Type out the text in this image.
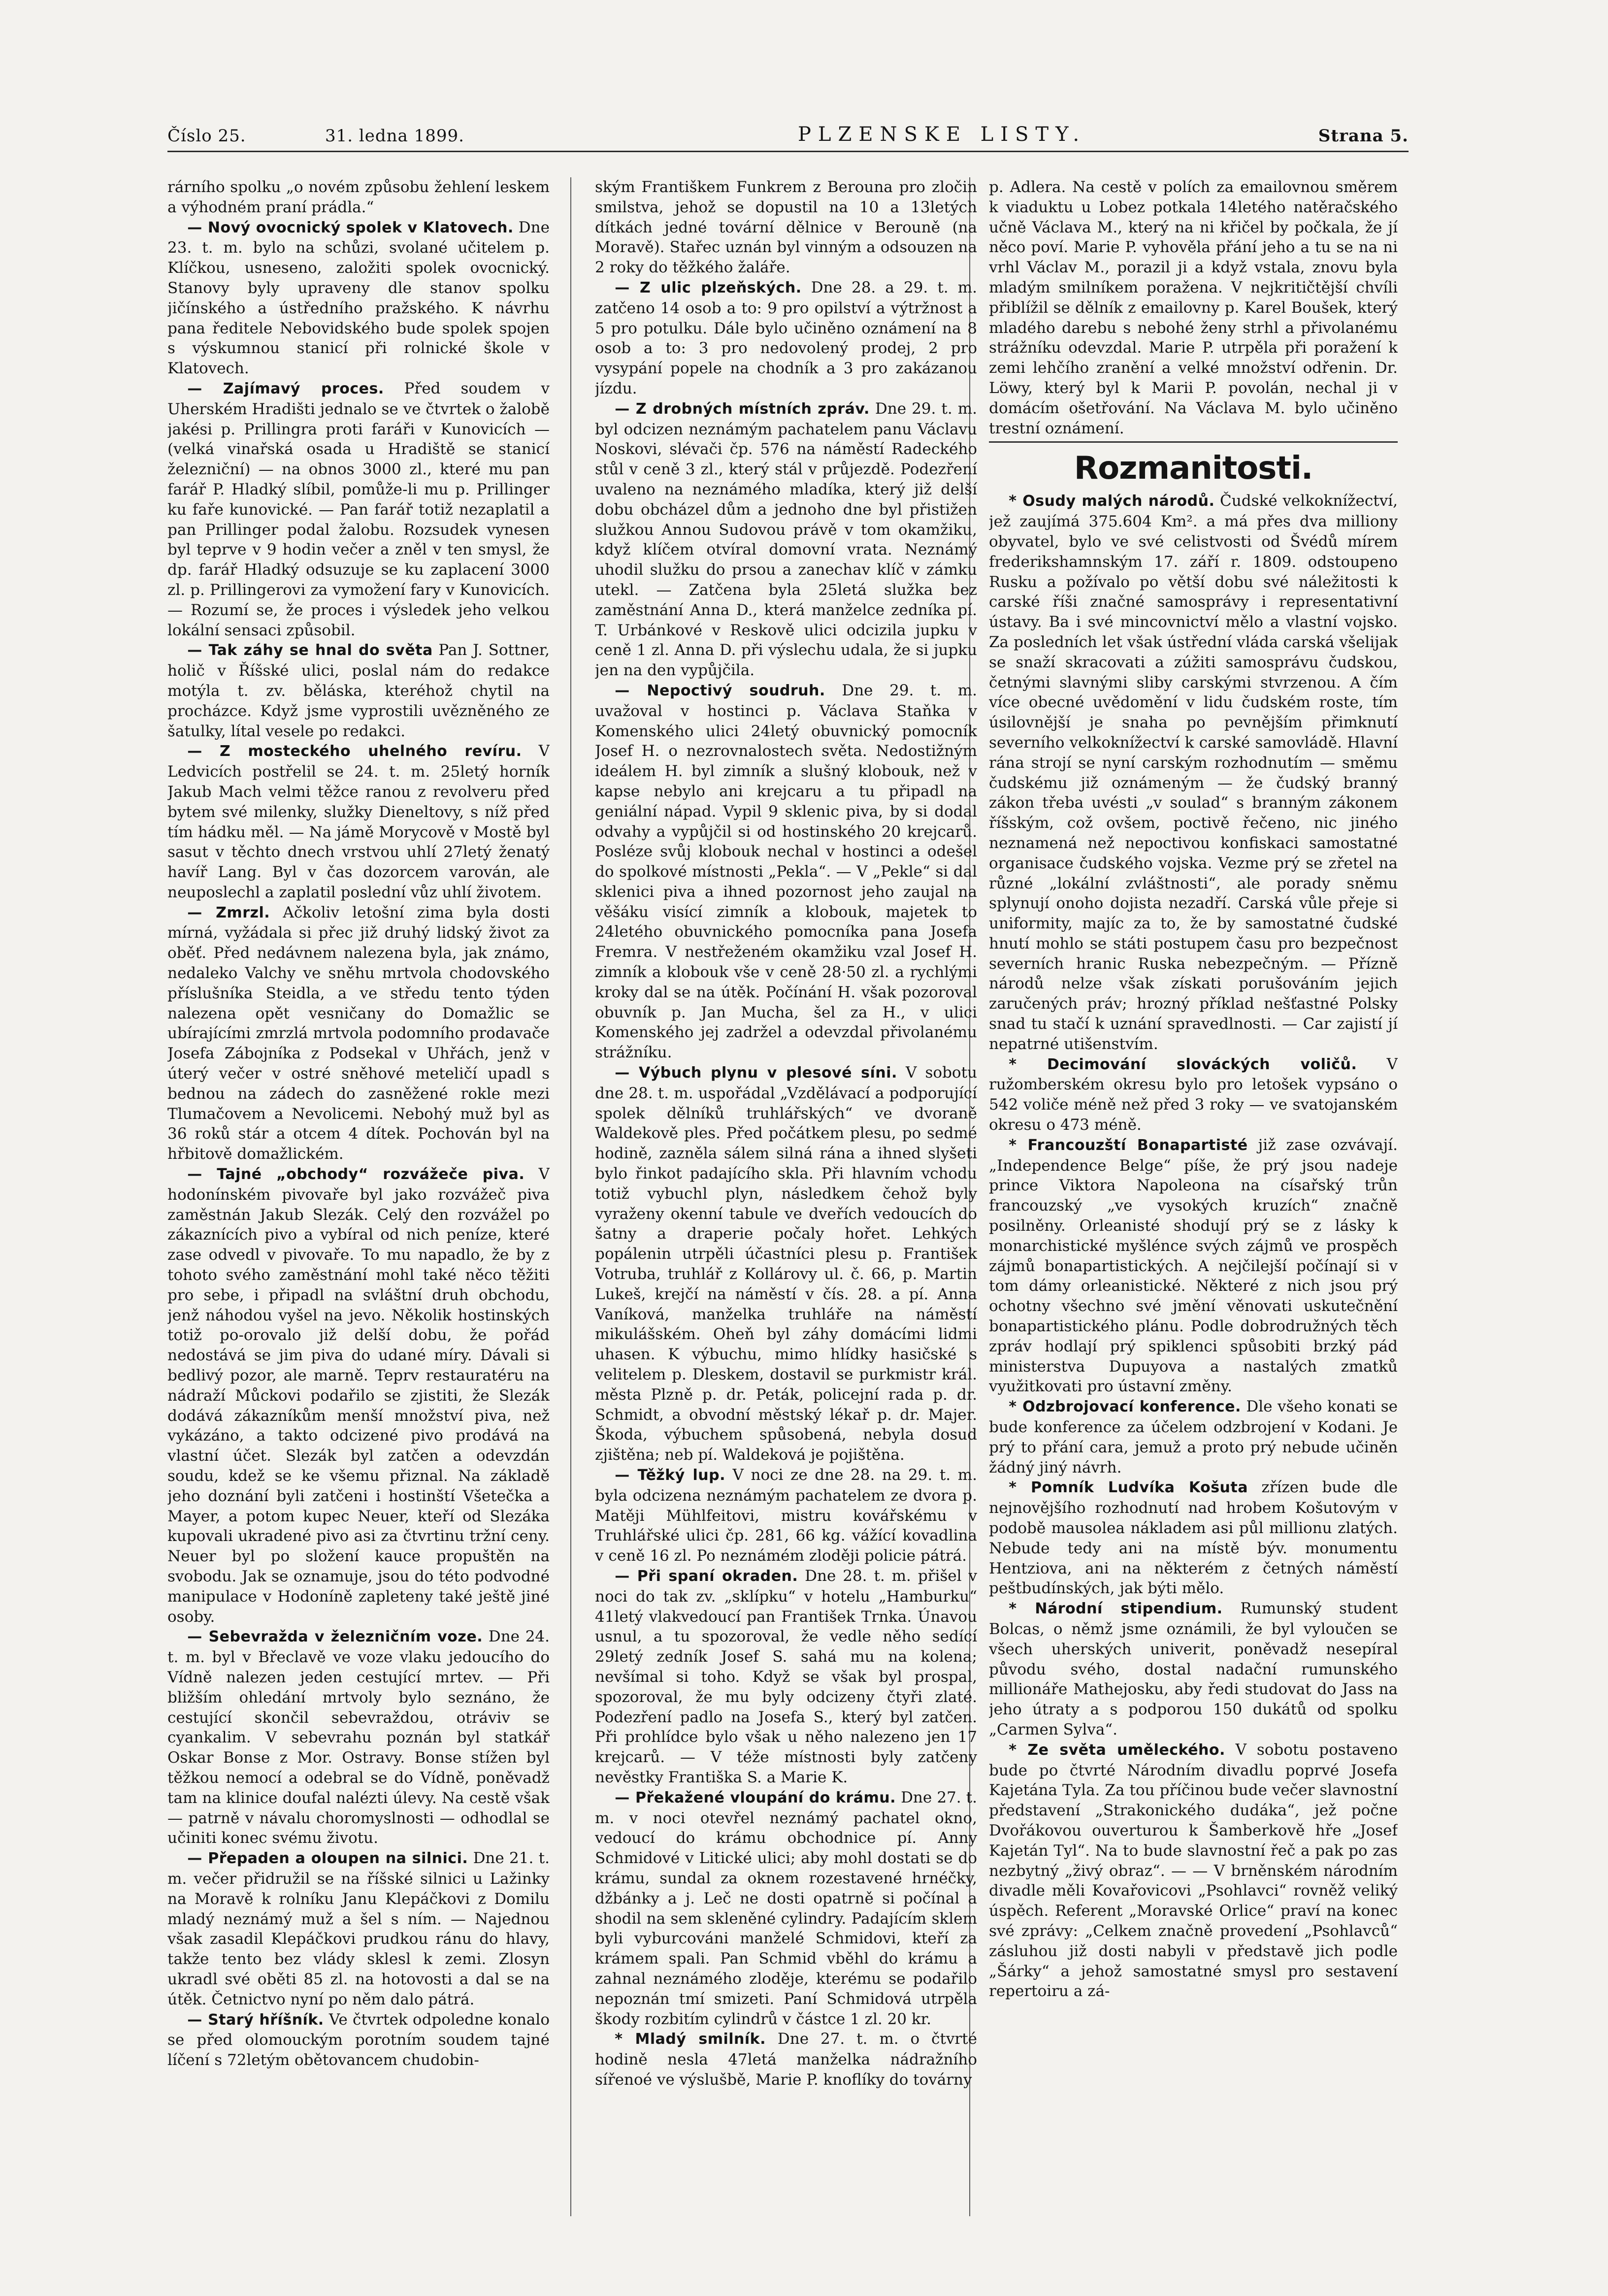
Číslo 25.	31. ledna 1899.	PLZENSKE LISTY.	Strana 5.

rárního spolku „o novém způsobu žehlení leskem a výhodném praní prádla.“

— Nový ovocnický spolek v Klatovech. Dne 23. t. m. bylo na schůzi, svolané učitelem p. Klíčkou, usneseno, založiti spolek ovocnický. Stanovy byly upraveny dle stanov spolku jičínského a ústředního pražského. K návrhu pana ředitele Nebovidského bude spolek spojen s výskumnou stanicí při rolnické škole v Klatovech.

— Zajímavý proces. Před soudem v Uherském Hradišti jednalo se ve čtvrtek o žalobě jakési p. Prillingra proti faráři v Kunovicích — (velká vinařská osada u Hradiště se stanicí železniční) — na obnos 3000 zl., které mu pan farář P. Hladký slíbil, pomůže-li mu p. Prillinger ku faře kunovické. — Pan farář totiž nezaplatil a pan Prillinger podal žalobu. Rozsudek vynesen byl teprve v 9 hodin večer a zněl v ten smysl, že dp. farář Hladký odsuzuje se ku zaplacení 3000 zl. p. Prillingerovi za vymožení fary v Kunovicích. — Rozumí se, že proces i výsledek jeho velkou lokální sensaci způsobil.

— Tak záhy se hnal do světa Pan J. Sottner, holič v Říšské ulici, poslal nám do redakce motýla t. zv. běláska, kteréhož chytil na procházce. Když jsme vyprostili uvězněného ze šatulky, lítal vesele po redakci.

— Z mosteckého uhelného revíru. V Ledvicích postřelil se 24. t. m. 25letý horník Jakub Mach velmi těžce ranou z revolveru před bytem své milenky, služky Dieneltovy, s níž před tím hádku měl. — Na jámě Morycově v Mostě byl sasut v těchto dnech vrstvou uhlí 27letý ženatý havíř Lang. Byl v čas dozorcem varován, ale neuposlechl a zaplatil poslední vůz uhlí životem.

— Zmrzl. Ačkoliv letošní zima byla dosti mírná, vyžádala si přec již druhý lidský život za oběť. Před nedávnem nalezena byla, jak známo, nedaleko Valchy ve sněhu mrtvola chodovského příslušníka Steidla, a ve středu tento týden nalezena opět vesničany do Domažlic se ubírajícími zmrzlá mrtvola podomního prodavače Josefa Zábojníka z Podsekal v Uhřách, jenž v úterý večer v ostré sněhové meteličí upadl s bednou na zádech do zasněžené rokle mezi Tlumačovem a Nevolicemi. Nebohý muž byl as 36 roků stár a otcem 4 dítek. Pochován byl na hřbitově domažlickém.

— Tajné „obchody“ rozvážeče piva. V hodonínském pivovaře byl jako rozvážeč piva zaměstnán Jakub Slezák. Celý den rozvážel po zákaznících pivo a vybíral od nich peníze, které zase odvedl v pivovaře. To mu napadlo, že by z tohoto svého zaměstnání mohl také něco těžiti pro sebe, i připadl na svláštní druh obchodu, jenž náhodou vyšel na jevo. Několik hostinských totiž po-orovalo již delší dobu, že pořád nedostává se jim piva do udané míry. Dávali si bedlivý pozor, ale marně. Teprv restauratéru na nádraží Můckovi podařilo se zjistiti, že Slezák dodává zákazníkům menší množství piva, než vykázáno, a takto odcizené pivo prodává na vlastní účet. Slezák byl zatčen a odevzdán soudu, kdež se ke všemu přiznal. Na základě jeho doznání byli zatčeni i hostinští Všetečka a Mayer, a potom kupec Neuer, kteří od Slezáka kupovali ukradené pivo asi za čtvrtinu tržní ceny. Neuer byl po složení kauce propuštěn na svobodu. Jak se oznamuje, jsou do této podvodné manipulace v Hodoníně zapleteny také ještě jiné osoby.

— Sebevražda v železničním voze. Dne 24. t. m. byl v Břeclavě ve voze vlaku jedoucího do Vídně nalezen jeden cestující mrtev. — Při bližším ohledání mrtvoly bylo seznáno, že cestující skončil sebevraždou, otráviv se cyankalim. V sebevrahu poznán byl statkář Oskar Bonse z Mor. Ostravy. Bonse stížen byl těžkou nemocí a odebral se do Vídně, poněvadž tam na klinice doufal nalézti úlevy. Na cestě však — patrně v návalu choromyslnosti — odhodlal se učiniti konec svému životu.

— Přepaden a oloupen na silnici. Dne 21. t. m. večer přidružil se na říšské silnici u Lažinky na Moravě k rolníku Janu Klepáčkovi z Domilu mladý neznámý muž a šel s ním. — Najednou však zasadil Klepáčkovi prudkou ránu do hlavy, takže tento bez vlády sklesl k zemi. Zlosyn ukradl své oběti 85 zl. na hotovosti a dal se na útěk. Četnictvo nyní po něm dalo pátrá.

— Starý hříšník. Ve čtvrtek odpoledne konalo se před olomouckým porotním soudem tajné líčení s 72letým obětovancem chudobin-

ským Františkem Funkrem z Berouna pro zločin smilstva, jehož se dopustil na 10 a 13letých dítkách jedné tovární dělnice v Berouně (na Moravě). Stařec uznán byl vinným a odsouzen na 2 roky do těžkého žaláře.

— Z ulic plzeňských. Dne 28. a 29. t. m. zatčeno 14 osob a to: 9 pro opilství a výtržnost a 5 pro potulku. Dále bylo učiněno oznámení na 8 osob a to: 3 pro nedovolený prodej, 2 pro vysypání popele na chodník a 3 pro zakázanou jízdu.

— Z drobných místních zpráv. Dne 29. t. m. byl odcizen neznámým pachatelem panu Václavu Noskovi, slévači čp. 576 na náměstí Radeckého stůl v ceně 3 zl., který stál v průjezdě. Podezření uvaleno na neznámého mladíka, který již delší dobu obcházel dům a jednoho dne byl přistižen služkou Annou Sudovou právě v tom okamžiku, když klíčem otvíral domovní vrata. Neznámý uhodil služku do prsou a zanechav klíč v zámku utekl. — Zatčena byla 25letá služka bez zaměstnání Anna D., která manželce zedníka pí. T. Urbánkové v Reskově ulici odcizila jupku v ceně 1 zl. Anna D. při výslechu udala, že si jupku jen na den vypůjčila.

— Nepoctivý soudruh. Dne 29. t. m. uvažoval v hostinci p. Václava Staňka v Komenského ulici 24letý obuvnický pomocník Josef H. o nezrovnalostech světa. Nedostižným ideálem H. byl zimník a slušný klobouk, než v kapse nebylo ani krejcaru a tu připadl na geniální nápad. Vypil 9 sklenic piva, by si dodal odvahy a vypůjčil si od hostinského 20 krejcarů. Posléze svůj klobouk nechal v hostinci a odešel do spolkové místnosti „Pekla“. — V „Pekle“ si dal sklenici piva a ihned pozornost jeho zaujal na věšáku visící zimník a klobouk, majetek to 24letého obuvnického pomocníka pana Josefa Fremra. V nestřeženém okamžiku vzal Josef H. zimník a klobouk vše v ceně 28·50 zl. a rychlými kroky dal se na útěk. Počínání H. však pozoroval obuvník p. Jan Mucha, šel za H., v ulici Komenského jej zadržel a odevzdal přivolanému strážníku.

— Výbuch plynu v plesové síni. V sobotu dne 28. t. m. uspořádal „Vzdělávací a podporující spolek dělníků truhlářských“ ve dvoraně Waldekově ples. Před počátkem plesu, po sedmé hodině, zazněla sálem silná rána a ihned slyšeti bylo řinkot padajícího skla. Při hlavním vchodu totiž vybuchl plyn, následkem čehož byly vyraženy okenní tabule ve dveřích vedoucích do šatny a draperie počaly hořet. Lehkých popálenin utrpěli účastníci plesu p. František Votruba, truhlář z Kollárovy ul. č. 66, p. Martin Lukeš, krejčí na náměstí v čís. 28. a pí. Anna Vaníková, manželka truhláře na náměstí mikulášském. Oheň byl záhy domácími lidmi uhasen. K výbuchu, mimo hlídky hasičské s velitelem p. Dleskem, dostavil se purkmistr král. města Plzně p. dr. Peták, policejní rada p. dr. Schmidt, a obvodní městský lékař p. dr. Majer. Škoda, výbuchem spůsobená, nebyla dosud zjištěna; neb pí. Waldeková je pojištěna.

— Těžký lup. V noci ze dne 28. na 29. t. m. byla odcizena neznámým pachatelem ze dvora p. Matěji Mühlfeitovi, mistru kovářskému v Truhlářské ulici čp. 281, 66 kg. vážící kovadlina v ceně 16 zl. Po neznámém zloději policie pátrá.

— Při spaní okraden. Dne 28. t. m. přišel v noci do tak zv. „sklípku“ v hotelu „Hamburku“ 41letý vlakvedoucí pan František Trnka. Únavou usnul, a tu spozoroval, že vedle něho sedící 29letý zedník Josef S. sahá mu na kolena; nevšímal si toho. Když se však byl prospal, spozoroval, že mu byly odcizeny čtyři zlaté. Podezření padlo na Josefa S., který byl zatčen. Při prohlídce bylo však u něho nalezeno jen 17 krejcarů. — V téže místnosti byly zatčeny nevěstky Františka S. a Marie K.

— Překažené vloupání do krámu. Dne 27. t. m. v noci otevřel neznámý pachatel okno, vedoucí do krámu obchodnice pí. Anny Schmidové v Litické ulici; aby mohl dostati se do krámu, sundal za oknem rozestavené hrnéčky, džbánky a j. Leč ne dosti opatrně si počínal a shodil na sem skleněné cylindry. Padajícím sklem byli vyburcováni manželé Schmidovi, kteří za krámem spali. Pan Schmid vběhl do krámu a zahnal neznámého zloděje, kterému se podařilo nepoznán tmí smizeti. Paní Schmidová utrpěla škody rozbitím cylindrů v částce 1 zl. 20 kr.

* Mladý smilník. Dne 27. t. m. o čtvrté hodině nesla 47letá manželka nádražního sířenoé ve výslušbě, Marie P. knoflíky do továrny

p. Adlera. Na cestě v polích za emailovnou směrem k viaduktu u Lobez potkala 14letého natěračského učně Václava M., který na ni křičel by počkala, že jí něco poví. Marie P. vyhověla přání jeho a tu se na ni vrhl Václav M., porazil ji a když vstala, znovu byla mladým smilníkem poražena. V nejkritičtější chvíli přiblížil se dělník z emailovny p. Karel Boušek, který mladého darebu s nebohé ženy strhl a přivolanému strážníku odevzdal. Marie P. utrpěla při poražení k zemi lehčího zranění a velké množství odřenin. Dr. Löwy, který byl k Marii P. povolán, nechal ji v domácím ošetřování. Na Václava M. bylo učiněno trestní oznámení.

Rozmanitosti.

* Osudy malých národů. Čudské velkoknížectví, jež zaujímá 375.604 Km². a má přes dva milliony obyvatel, bylo ve své celistvosti od Švédů mírem frederikshamnským 17. září r. 1809. odstoupeno Rusku a požívalo po větší dobu své náležitosti k carské říši značné samosprávy i representativní ústavy. Ba i své mincovnictví mělo a vlastní vojsko. Za posledních let však ústřední vláda carská všelijak se snaží skracovati a zúžiti samosprávu čudskou, četnými slavnými sliby carskými stvrzenou. A čím více obecné uvědomění v lidu čudském roste, tím úsilovnější je snaha po pevnějším přimknutí severního velkoknížectví k carské samovládě. Hlavní rána strojí se nyní carským rozhodnutím — směmu čudskému již oznámeným — že čudský branný zákon třeba uvésti „v soulad“ s branným zákonem říšským, což ovšem, poctivě řečeno, nic jiného neznamená než nepoctivou konfiskaci samostatné organisace čudského vojska. Vezme prý se zřetel na různé „lokální zvláštnosti“, ale porady sněmu splynují onoho dojista nezadří. Carská vůle přeje si uniformity, majíc za to, že by samostatné čudské hnutí mohlo se státi postupem času pro bezpečnost severních hranic Ruska nebezpečným. — Přízně národů nelze však získati porušováním jejich zaručených práv; hrozný příklad nešťastné Polsky snad tu stačí k uznání spravedlnosti. — Car zajistí jí nepatrné utišenstvím.

* Decimování slováckých voličů. V ružomberském okresu bylo pro letošek vypsáno o 542 voliče méně než před 3 roky — ve svatojanském okresu o 473 méně.

* Francouzští Bonapartisté již zase ozvávají. „Independence Belge“ píše, že prý jsou nadeje prince Viktora Napoleona na císařský trůn francouzský „ve vysokých kruzích“ značně posilněny. Orleanisté shodují prý se z lásky k monarchistické myšlénce svých zájmů ve prospěch zájmů bonapartistických. A nejčilejší počínají si v tom dámy orleanistické. Některé z nich jsou prý ochotny všechno své jmění věnovati uskutečnění bonapartistického plánu. Podle dobrodružných těch zpráv hodlají prý spiklenci spůsobiti brzký pád ministerstva Dupuyova a nastalých zmatků využitkovati pro ústavní změny.

* Odzbrojovací konference. Dle všeho konati se bude konference za účelem odzbrojení v Kodani. Je prý to přání cara, jemuž a proto prý nebude učiněn žádný jiný návrh.

* Pomník Ludvíka Košuta zřízen bude dle nejnovějšího rozhodnutí nad hrobem Košutovým v podobě mausolea nákladem asi půl millionu zlatých. Nebude tedy ani na místě býv. monumentu Hentziova, ani na některém z četných náměstí peštbudínských, jak býti mělo.

* Národní stipendium. Rumunský student Bolcas, o němž jsme oznámili, že byl vyloučen se všech uherských univerit, poněvadž nesepíral původu svého, dostal nadační rumunského millionáře Mathejosku, aby ředi studovat do Jass na jeho útraty a s podporou 150 dukátů od spolku „Carmen Sylva“.

* Ze světa uměleckého. V sobotu postaveno bude po čtvrté Národním divadlu poprvé Josefa Kajetána Tyla. Za tou příčinou bude večer slavnostní představení „Strakonického dudáka“, jež počne Dvořákovou ouverturou k Šamberkově hře „Josef Kajetán Tyl“. Na to bude slavnostní řeč a pak po zas nezbytný „živý obraz“. — — V brněnském národním divadle měli Kovařovicovi „Psohlavci“ rovněž veliký úspěch. Referent „Moravské Orlice“ praví na konec své zprávy: „Celkem značně provedení „Psohlavců“ zásluhou již dosti nabyli v představě jich podle „Šárky“ a jehož samostatné smysl pro sestavení repertoiru a zá-
